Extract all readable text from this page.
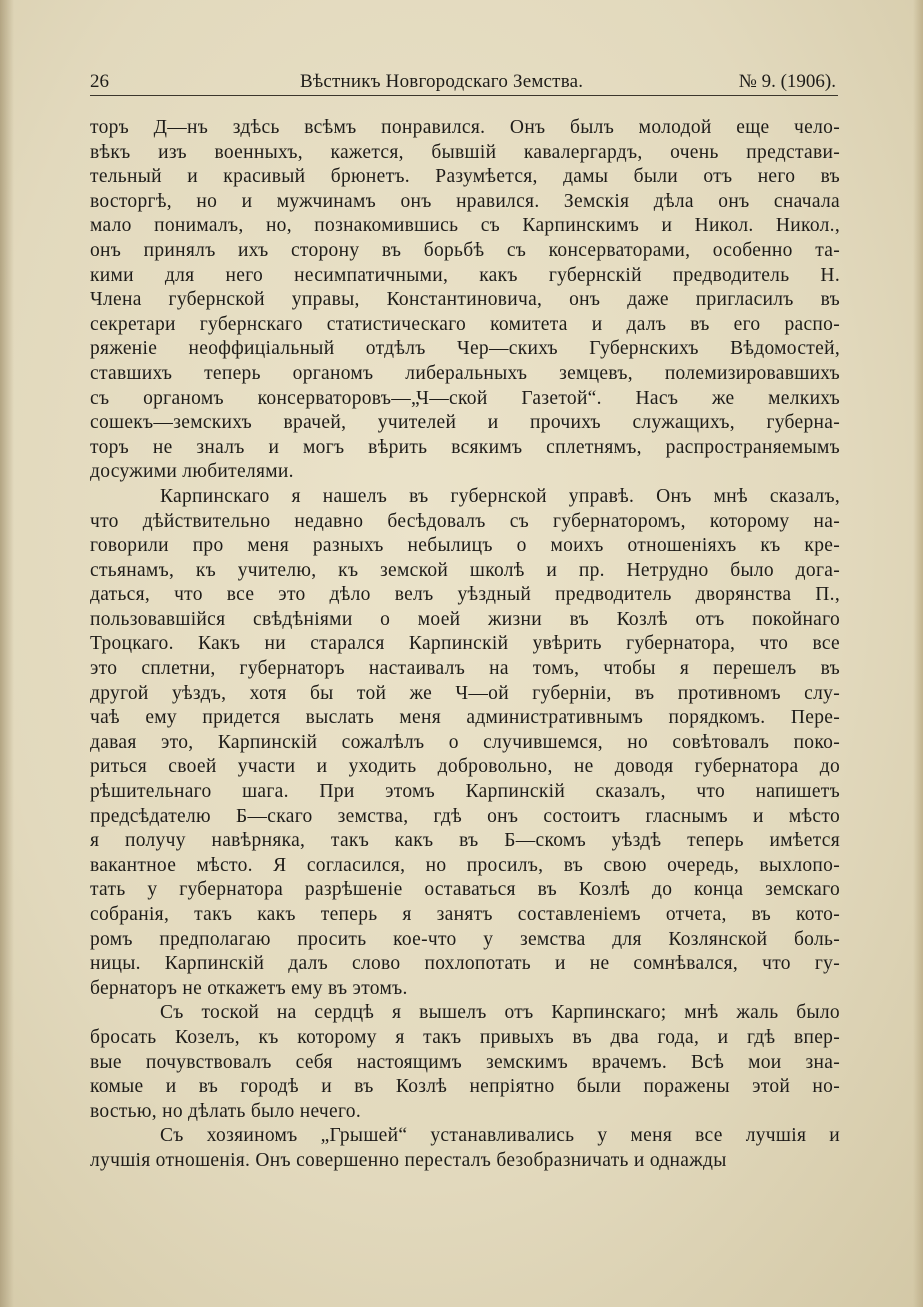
26	Вѣстникъ Новгородскаго Земства.	№ 9. (1906).
торъ Д—нъ здѣсь всѣмъ понравился. Онъ былъ молодой еще чело-
вѣкъ изъ военныхъ, кажется, бывшій кавалергардъ, очень представи-
тельный и красивый брюнетъ. Разумѣется, дамы были отъ него въ
восторгѣ, но и мужчинамъ онъ нравился. Земскія дѣла онъ сначала
мало понималъ, но, познакомившись съ Карпинскимъ и Никол. Никол.,
онъ принялъ ихъ сторону въ борьбѣ съ консерваторами, особенно та-
кими для него несимпатичными, какъ губернскій предводитель Н.
Члена губернской управы, Константиновича, онъ даже пригласилъ въ
секретари губернскаго статистическаго комитета и далъ въ его распо-
ряженіе неоффиціальный отдѣлъ Чер—скихъ Губернскихъ Вѣдомостей,
ставшихъ теперь органомъ либеральныхъ земцевъ, полемизировавшихъ
съ органомъ консерваторовъ—„Ч—ской Газетой“. Насъ же мелкихъ
сошекъ—земскихъ врачей, учителей и прочихъ служащихъ, губерна-
торъ не зналъ и могъ вѣрить всякимъ сплетнямъ, распространяемымъ
досужими любителями.
Карпинскаго я нашелъ въ губернской управѣ. Онъ мнѣ сказалъ,
что дѣйствительно недавно бесѣдовалъ съ губернаторомъ, которому на-
говорили про меня разныхъ небылицъ о моихъ отношеніяхъ къ кре-
стьянамъ, къ учителю, къ земской школѣ и пр. Нетрудно было дога-
даться, что все это дѣло велъ уѣздный предводитель дворянства П.,
пользовавшійся свѣдѣніями о моей жизни въ Козлѣ отъ покойнаго
Троцкаго. Какъ ни старался Карпинскій увѣрить губернатора, что все
это сплетни, губернаторъ настаивалъ на томъ, чтобы я перешелъ въ
другой уѣздъ, хотя бы той же Ч—ой губерніи, въ противномъ слу-
чаѣ ему придется выслать меня административнымъ порядкомъ. Пере-
давая это, Карпинскій сожалѣлъ о случившемся, но совѣтовалъ поко-
риться своей участи и уходить добровольно, не доводя губернатора до
рѣшительнаго шага. При этомъ Карпинскій сказалъ, что напишетъ
предсѣдателю Б—скаго земства, гдѣ онъ состоитъ гласнымъ и мѣсто
я получу навѣрняка, такъ какъ въ Б—скомъ уѣздѣ теперь имѣется
вакантное мѣсто. Я согласился, но просилъ, въ свою очередь, выхлопо-
тать у губернатора разрѣшеніе оставаться въ Козлѣ до конца земскаго
собранія, такъ какъ теперь я занятъ составленіемъ отчета, въ кото-
ромъ предполагаю просить кое-что у земства для Козлянской боль-
ницы. Карпинскій далъ слово похлопотать и не сомнѣвался, что гу-
бернаторъ не откажетъ ему въ этомъ.
Съ тоской на сердцѣ я вышелъ отъ Карпинскаго; мнѣ жаль было
бросать Козелъ, къ которому я такъ привыхъ въ два года, и гдѣ впер-
вые почувствовалъ себя настоящимъ земскимъ врачемъ. Всѣ мои зна-
комые и въ городѣ и въ Козлѣ непріятно были поражены этой но-
востью, но дѣлать было нечего.
Съ хозяиномъ „Грышей“ устанавливались у меня все лучшія и
лучшія отношенія. Онъ совершенно пересталъ безобразничать и однажды
